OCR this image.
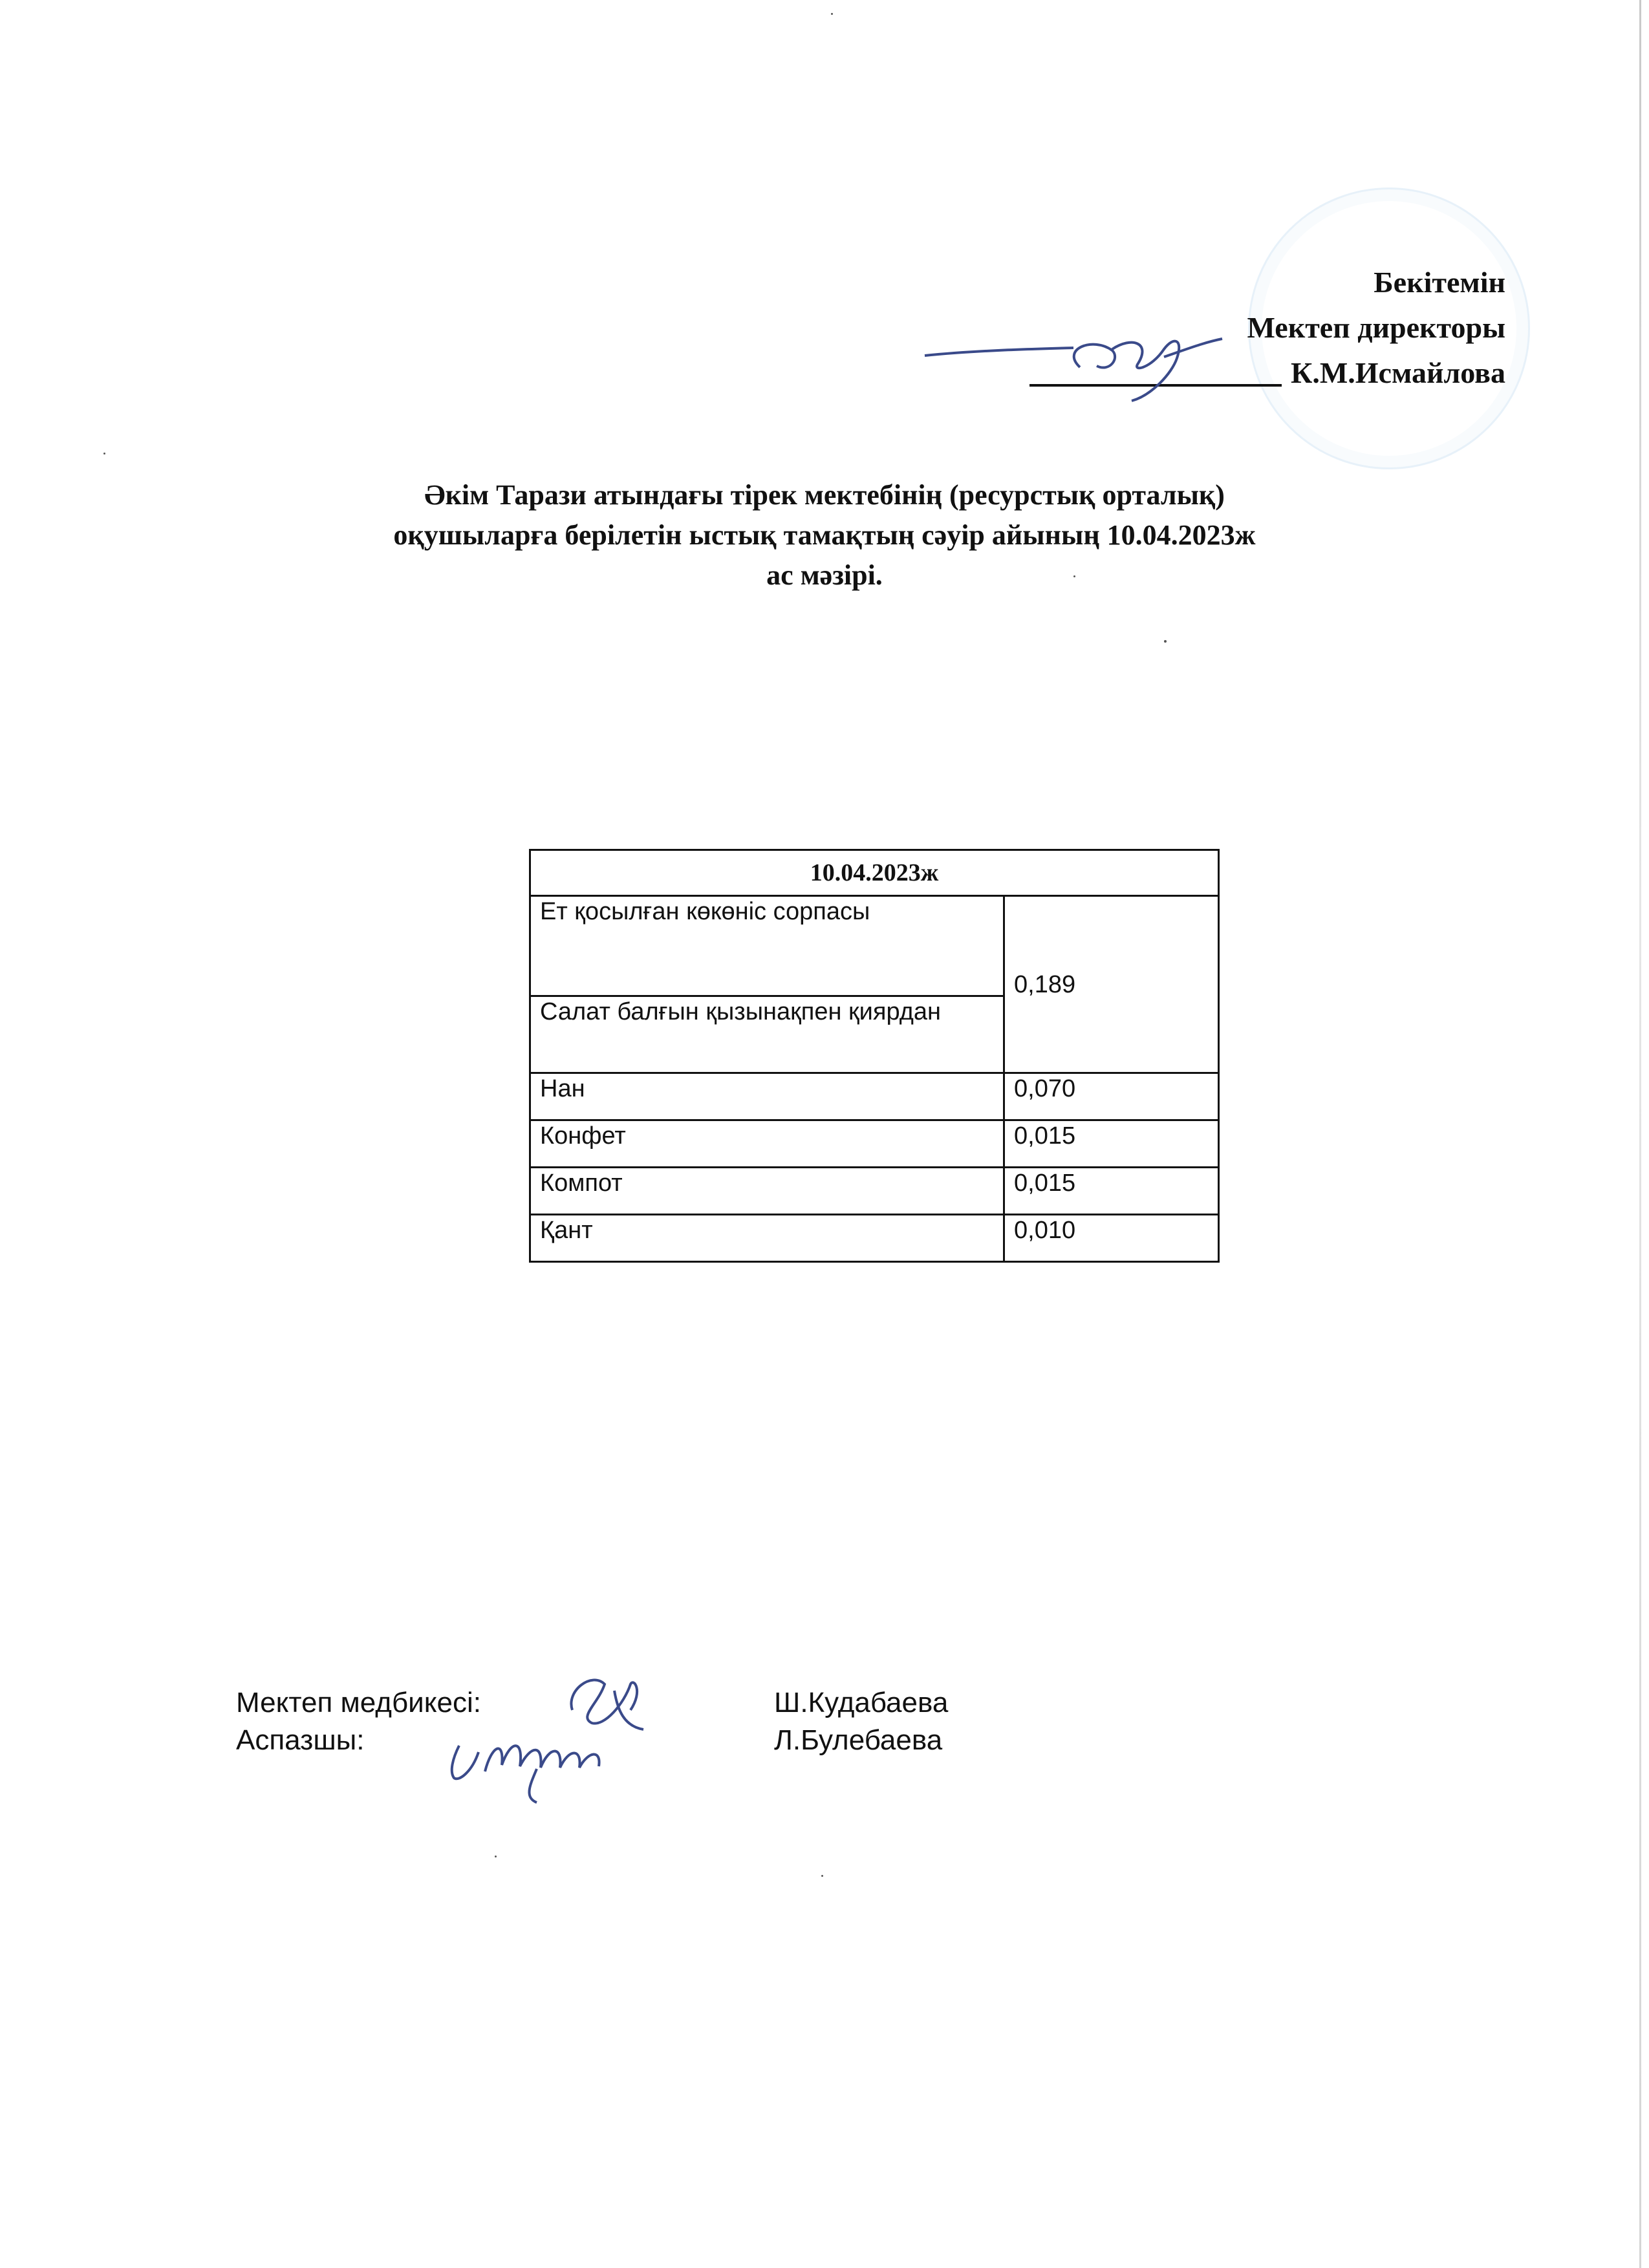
Бекітемін
Мектеп директоры
К.М.Исмайлова
Әкім Тарази атындағы тірек мектебінің (ресурстық орталық)
оқушыларға берілетін ыстық тамақтың сәуір айының 10.04.2023ж
ас мәзірі.
10.04.2023ж	
Ет қосылған көкөніс сорпасы	0,189
Салат балғын қызынақпен қиярдан	
Нан	0,070
Конфет	0,015
Компот	0,015
Қант	0,010
Мектеп медбикесі:	Ш.Кудабаева
Аспазшы:	Л.Булебаева
